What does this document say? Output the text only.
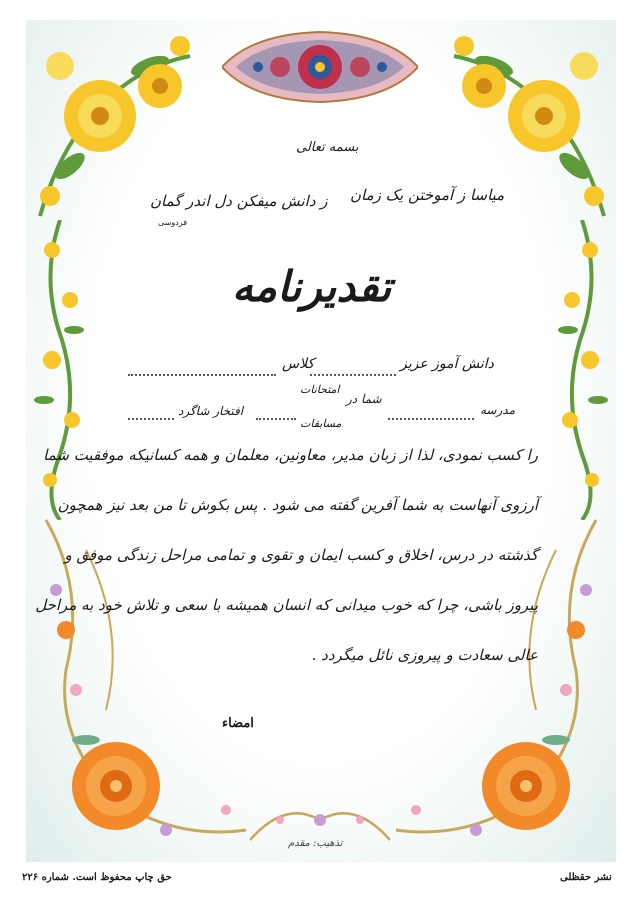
بسمه تعالی
میاسا ز آموختن یک زمان
ز دانش میفکن دل اندر گمان
فردوسی
تقدیرنامه
دانش آموز عزیز
کلاس
مدرسه
شما در
امتحانات
مسابقات
افتخار شاگرد
را کسب نمودی، لذا از زبان مدیر، معاونین، معلمان و همه کسانیکه موفقیت شما
آرزوی آنهاست به شما آفرین گفته می شود . پس بکوش تا من بعد نیز همچون
گذشته در درس، اخلاق و کسب ایمان و تقوی و تمامی مراحل زندگی موفق و
پیروز باشی، چرا که خوب میدانی که انسان همیشه با سعی و تلاش خود به مراحل
عالی سعادت و پیروزی نائل میگردد .
امضاء
تذهیب: مقدم
نشر حقظلی
حق چاپ محفوظ است. شماره ۲۲۶
